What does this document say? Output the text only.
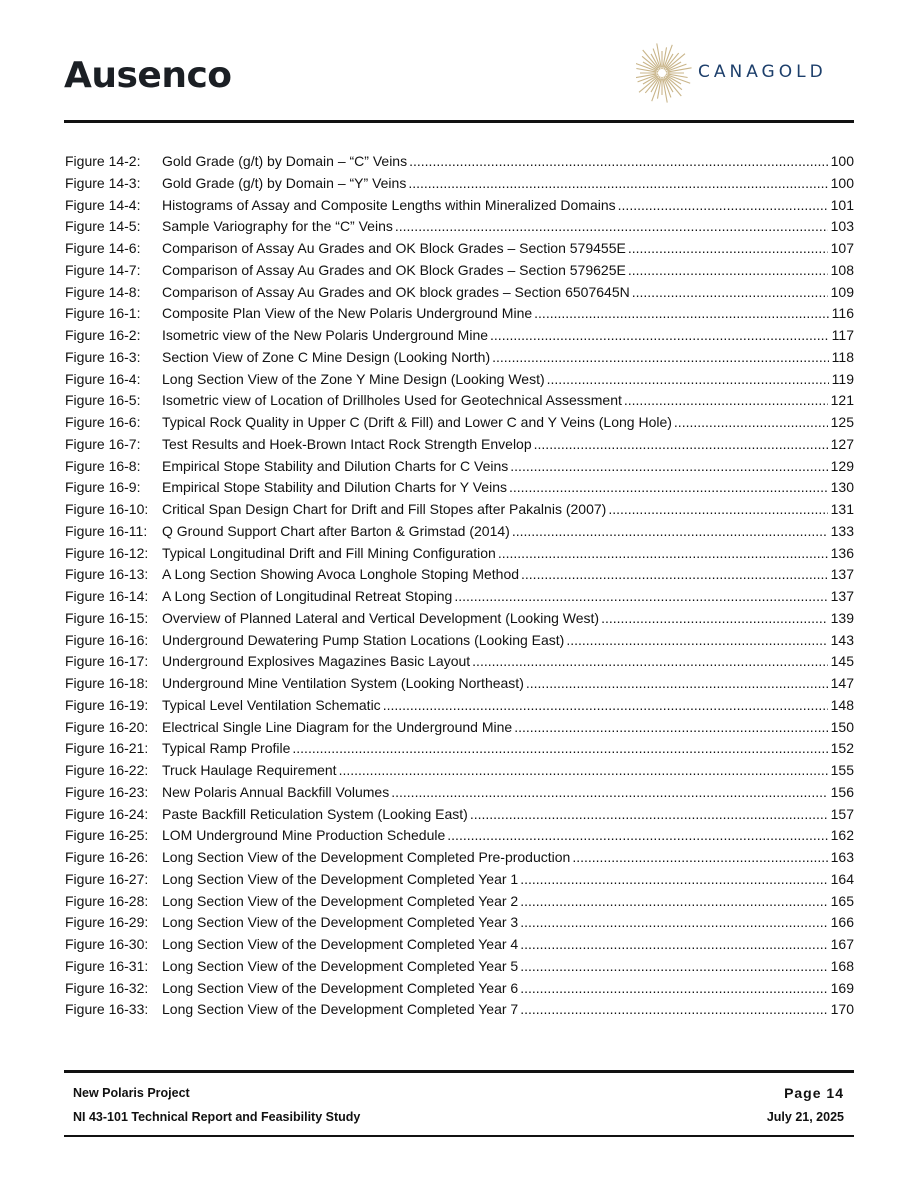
Ausenco	CANAGOLD
Figure 14-2:	Gold Grade (g/t) by Domain – “C” Veins .....	100
Figure 14-3:	Gold Grade (g/t) by Domain – “Y” Veins .....	100
Figure 14-4:	Histograms of Assay and Composite Lengths within Mineralized Domains .....	101
Figure 14-5:	Sample Variography for the “C” Veins .....	103
Figure 14-6:	Comparison of Assay Au Grades and OK Block Grades – Section 579455E .....	107
Figure 14-7:	Comparison of Assay Au Grades and OK Block Grades – Section 579625E .....	108
Figure 14-8:	Comparison of Assay Au Grades and OK block grades – Section 6507645N .....	109
Figure 16-1:	Composite Plan View of the New Polaris Underground Mine .....	116
Figure 16-2:	Isometric view of the New Polaris Underground Mine .....	117
Figure 16-3:	Section View of Zone C Mine Design (Looking North) .....	118
Figure 16-4:	Long Section View of the Zone Y Mine Design (Looking West) .....	119
Figure 16-5:	Isometric view of Location of Drillholes Used for Geotechnical Assessment .....	121
Figure 16-6:	Typical Rock Quality in Upper C (Drift & Fill) and Lower C and Y Veins (Long Hole) .....	125
Figure 16-7:	Test Results and Hoek-Brown Intact Rock Strength Envelop .....	127
Figure 16-8:	Empirical Stope Stability and Dilution Charts for C Veins .....	129
Figure 16-9:	Empirical Stope Stability and Dilution Charts for Y Veins .....	130
Figure 16-10: Critical Span Design Chart for Drift and Fill Stopes after Pakalnis (2007) .....	131
Figure 16-11:	Q Ground Support Chart after Barton & Grimstad (2014) .....	133
Figure 16-12: Typical Longitudinal Drift and Fill Mining Configuration .....	136
Figure 16-13: A Long Section Showing Avoca Longhole Stoping Method .....	137
Figure 16-14: A Long Section of Longitudinal Retreat Stoping .....	137
Figure 16-15: Overview of Planned Lateral and Vertical Development (Looking West) .....	139
Figure 16-16: Underground Dewatering Pump Station Locations (Looking East) .....	143
Figure 16-17: Underground Explosives Magazines Basic Layout .....	145
Figure 16-18: Underground Mine Ventilation System (Looking Northeast) .....	147
Figure 16-19: Typical Level Ventilation Schematic .....	148
Figure 16-20: Electrical Single Line Diagram for the Underground Mine .....	150
Figure 16-21: Typical Ramp Profile .....	152
Figure 16-22: Truck Haulage Requirement .....	155
Figure 16-23: New Polaris Annual Backfill Volumes .....	156
Figure 16-24: Paste Backfill Reticulation System (Looking East) .....	157
Figure 16-25: LOM Underground Mine Production Schedule .....	162
Figure 16-26: Long Section View of the Development Completed Pre-production .....	163
Figure 16-27: Long Section View of the Development Completed Year 1 .....	164
Figure 16-28: Long Section View of the Development Completed Year 2 .....	165
Figure 16-29: Long Section View of the Development Completed Year 3 .....	166
Figure 16-30: Long Section View of the Development Completed Year 4 .....	167
Figure 16-31: Long Section View of the Development Completed Year 5 .....	168
Figure 16-32: Long Section View of the Development Completed Year 6 .....	169
Figure 16-33: Long Section View of the Development Completed Year 7 .....	170
New Polaris Project
NI 43-101 Technical Report and Feasibility Study
Page 14
July 21, 2025
